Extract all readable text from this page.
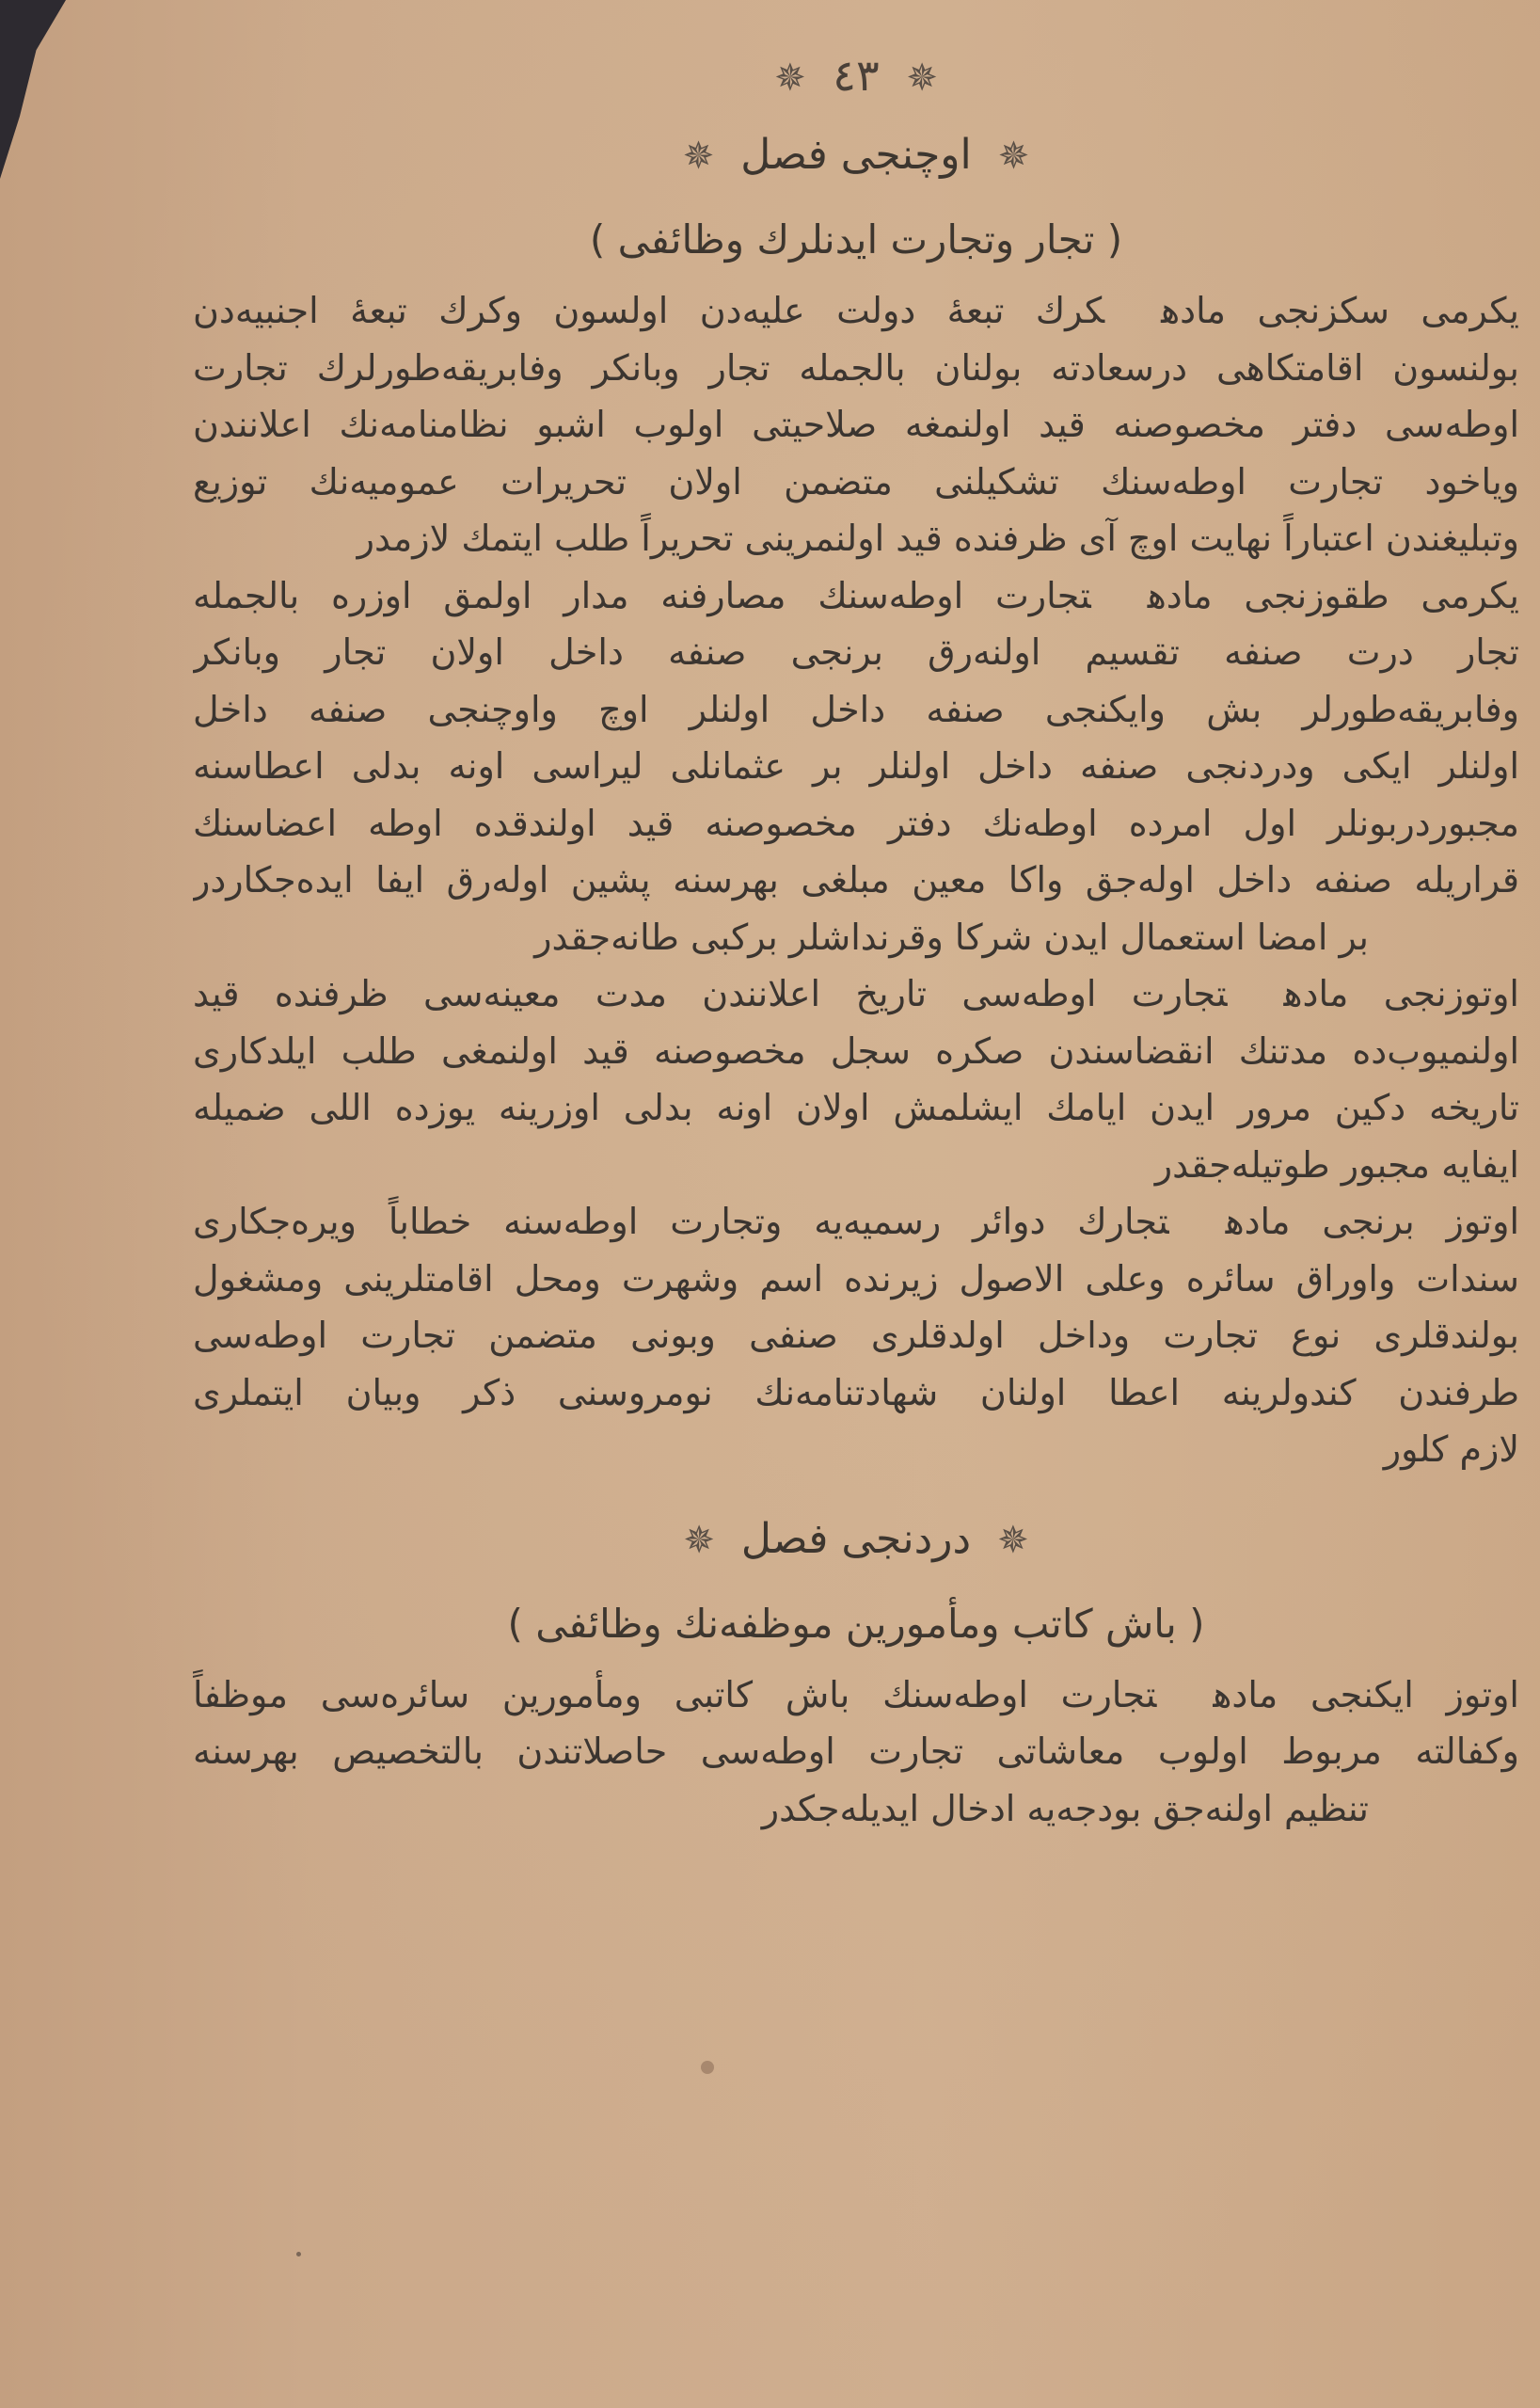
✵ ٤٣ ✵
✵ اوچنجی فصل ✵
( تجار وتجارت ایدنلرك وظائفی )
یكرمی سكزنجی مادهكرك تبعهٔ دولت علیه‌دن اولسون وكرك تبعهٔ اجنبیه‌دن
بولنسون اقامتكاهی درسعادته بولنان بالجمله تجار وبانكر وفابریقه‌طورلرك تجارت
اوطه‌سی دفتر مخصوصنه قید اولنمغه صلاحیتی اولوب اشبو نظامنامه‌نك اعلانندن
ویاخود تجارت اوطه‌سنك تشكیلنی متضمن اولان تحریرات عمومیه‌نك توزیع
وتبلیغندن اعتباراً نهایت اوچ آی ظرفنده قید اولنمرینی تحریراً طلب ایتمك لازمدر
یكرمی طقوزنجی مادهتجارت اوطه‌سنك مصارفنه مدار اولمق اوزره بالجمله
تجار درت صنفه تقسیم اولنه‌رق برنجی صنفه داخل اولان تجار وبانكر
وفابریقه‌طورلر بش وایكنجی صنفه داخل اولنلر اوچ واوچنجی صنفه داخل
اولنلر ایكی ودردنجی صنفه داخل اولنلر بر عثمانلی لیراسی اونه بدلی اعطاسنه
مجبوردربونلر اول امرده اوطه‌نك دفتر مخصوصنه قید اولندقده اوطه اعضاسنك
قراریله صنفه داخل اوله‌جق واكا معین مبلغی بهرسنه پشین اوله‌رق ایفا ایده‌جكاردر
بر امضا استعمال ایدن شركا وقرنداشلر بركبی طانه‌جقدر
اوتوزنجی مادهتجارت اوطه‌سی تاریخ اعلانندن مدت معینه‌سی ظرفنده قید
اولنمیوب‌ده مدتنك انقضاسندن صكره سجل مخصوصنه قید اولنمغی طلب ایلدكاری
تاریخه دكین مرور ایدن ایامك ایشلمش اولان اونه بدلی اوزرینه یوزده اللی ضمیله
ایفایه مجبور طوتیله‌جقدر
اوتوز برنجی مادهتجارك دوائر رسمیه‌یه وتجارت اوطه‌سنه خطاباً ویره‌جكاری
سندات واوراق سائره وعلی الاصول زیرنده اسم وشهرت ومحل اقامتلرینی ومشغول
بولندقلری نوع تجارت وداخل اولدقلری صنفی وبونی متضمن تجارت اوطه‌سی
طرفندن كندولرینه اعطا اولنان شهادتنامه‌نك نومروسنی ذكر وبیان ایتملری
لازم كلور
✵ دردنجی فصل ✵
( باش كاتب ومأمورین موظفه‌نك وظائفی )
اوتوز ایكنجی مادهتجارت اوطه‌سنك باش كاتبی ومأمورین سائره‌سی موظفاً
وكفالته مربوط اولوب معاشاتی تجارت اوطه‌سی حاصلاتندن بالتخصیص بهرسنه
تنظیم اولنه‌جق بودجه‌یه ادخال ایدیله‌جكدر
